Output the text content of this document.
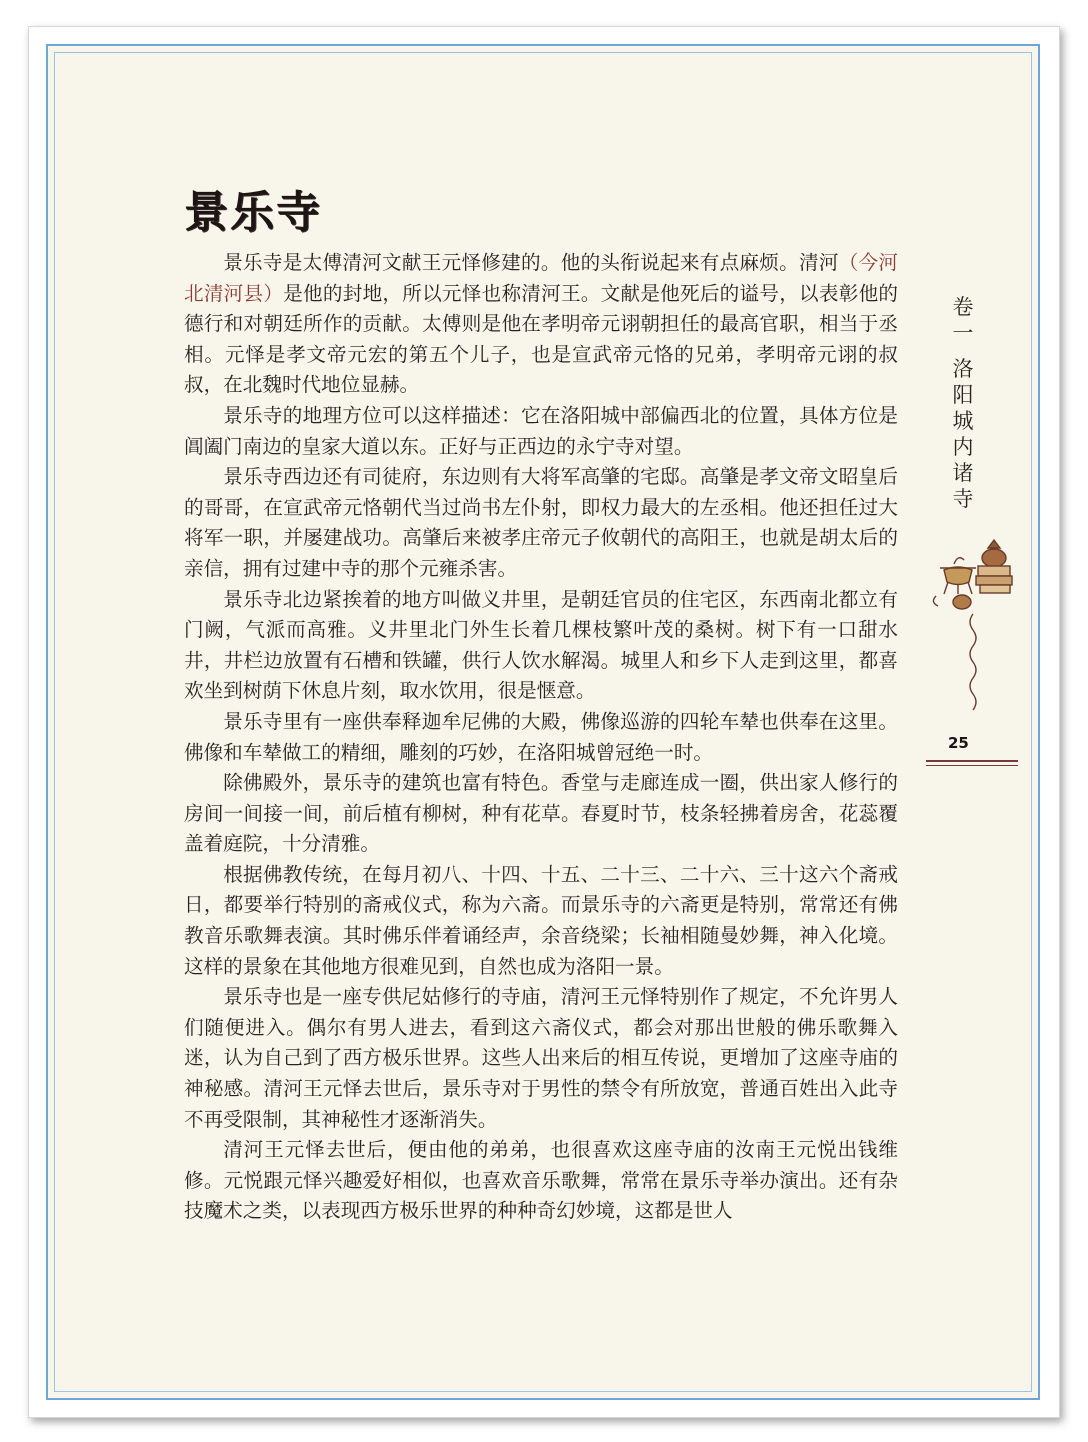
景乐寺

景乐寺是太傅清河文献王元怿修建的。他的头衔说起来有点麻烦。清河（今河北清河县）是他的封地，所以元怿也称清河王。文献是他死后的谥号，以表彰他的德行和对朝廷所作的贡献。太傅则是他在孝明帝元诩朝担任的最高官职，相当于丞相。元怿是孝文帝元宏的第五个儿子，也是宣武帝元恪的兄弟，孝明帝元诩的叔叔，在北魏时代地位显赫。

景乐寺的地理方位可以这样描述：它在洛阳城中部偏西北的位置，具体方位是阊阖门南边的皇家大道以东。正好与正西边的永宁寺对望。

景乐寺西边还有司徒府，东边则有大将军高肇的宅邸。高肇是孝文帝文昭皇后的哥哥，在宣武帝元恪朝代当过尚书左仆射，即权力最大的左丞相。他还担任过大将军一职，并屡建战功。高肇后来被孝庄帝元子攸朝代的高阳王，也就是胡太后的亲信，拥有过建中寺的那个元雍杀害。

景乐寺北边紧挨着的地方叫做义井里，是朝廷官员的住宅区，东西南北都立有门阙，气派而高雅。义井里北门外生长着几棵枝繁叶茂的桑树。树下有一口甜水井，井栏边放置有石槽和铁罐，供行人饮水解渴。城里人和乡下人走到这里，都喜欢坐到树荫下休息片刻，取水饮用，很是惬意。

景乐寺里有一座供奉释迦牟尼佛的大殿，佛像巡游的四轮车辇也供奉在这里。佛像和车辇做工的精细，雕刻的巧妙，在洛阳城曾冠绝一时。

除佛殿外，景乐寺的建筑也富有特色。香堂与走廊连成一圈，供出家人修行的房间一间接一间，前后植有柳树，种有花草。春夏时节，枝条轻拂着房舍，花蕊覆盖着庭院，十分清雅。

根据佛教传统，在每月初八、十四、十五、二十三、二十六、三十这六个斋戒日，都要举行特别的斋戒仪式，称为六斋。而景乐寺的六斋更是特别，常常还有佛教音乐歌舞表演。其时佛乐伴着诵经声，余音绕梁；长袖相随曼妙舞，神入化境。这样的景象在其他地方很难见到，自然也成为洛阳一景。

景乐寺也是一座专供尼姑修行的寺庙，清河王元怿特别作了规定，不允许男人们随便进入。偶尔有男人进去，看到这六斋仪式，都会对那出世般的佛乐歌舞入迷，认为自己到了西方极乐世界。这些人出来后的相互传说，更增加了这座寺庙的神秘感。清河王元怿去世后，景乐寺对于男性的禁令有所放宽，普通百姓出入此寺不再受限制，其神秘性才逐渐消失。

清河王元怿去世后，便由他的弟弟，也很喜欢这座寺庙的汝南王元悦出钱维修。元悦跟元怿兴趣爱好相似，也喜欢音乐歌舞，常常在景乐寺举办演出。还有杂技魔术之类，以表现西方极乐世界的种种奇幻妙境，这都是世人

卷
一
洛
阳
城
内
诸
寺
25
